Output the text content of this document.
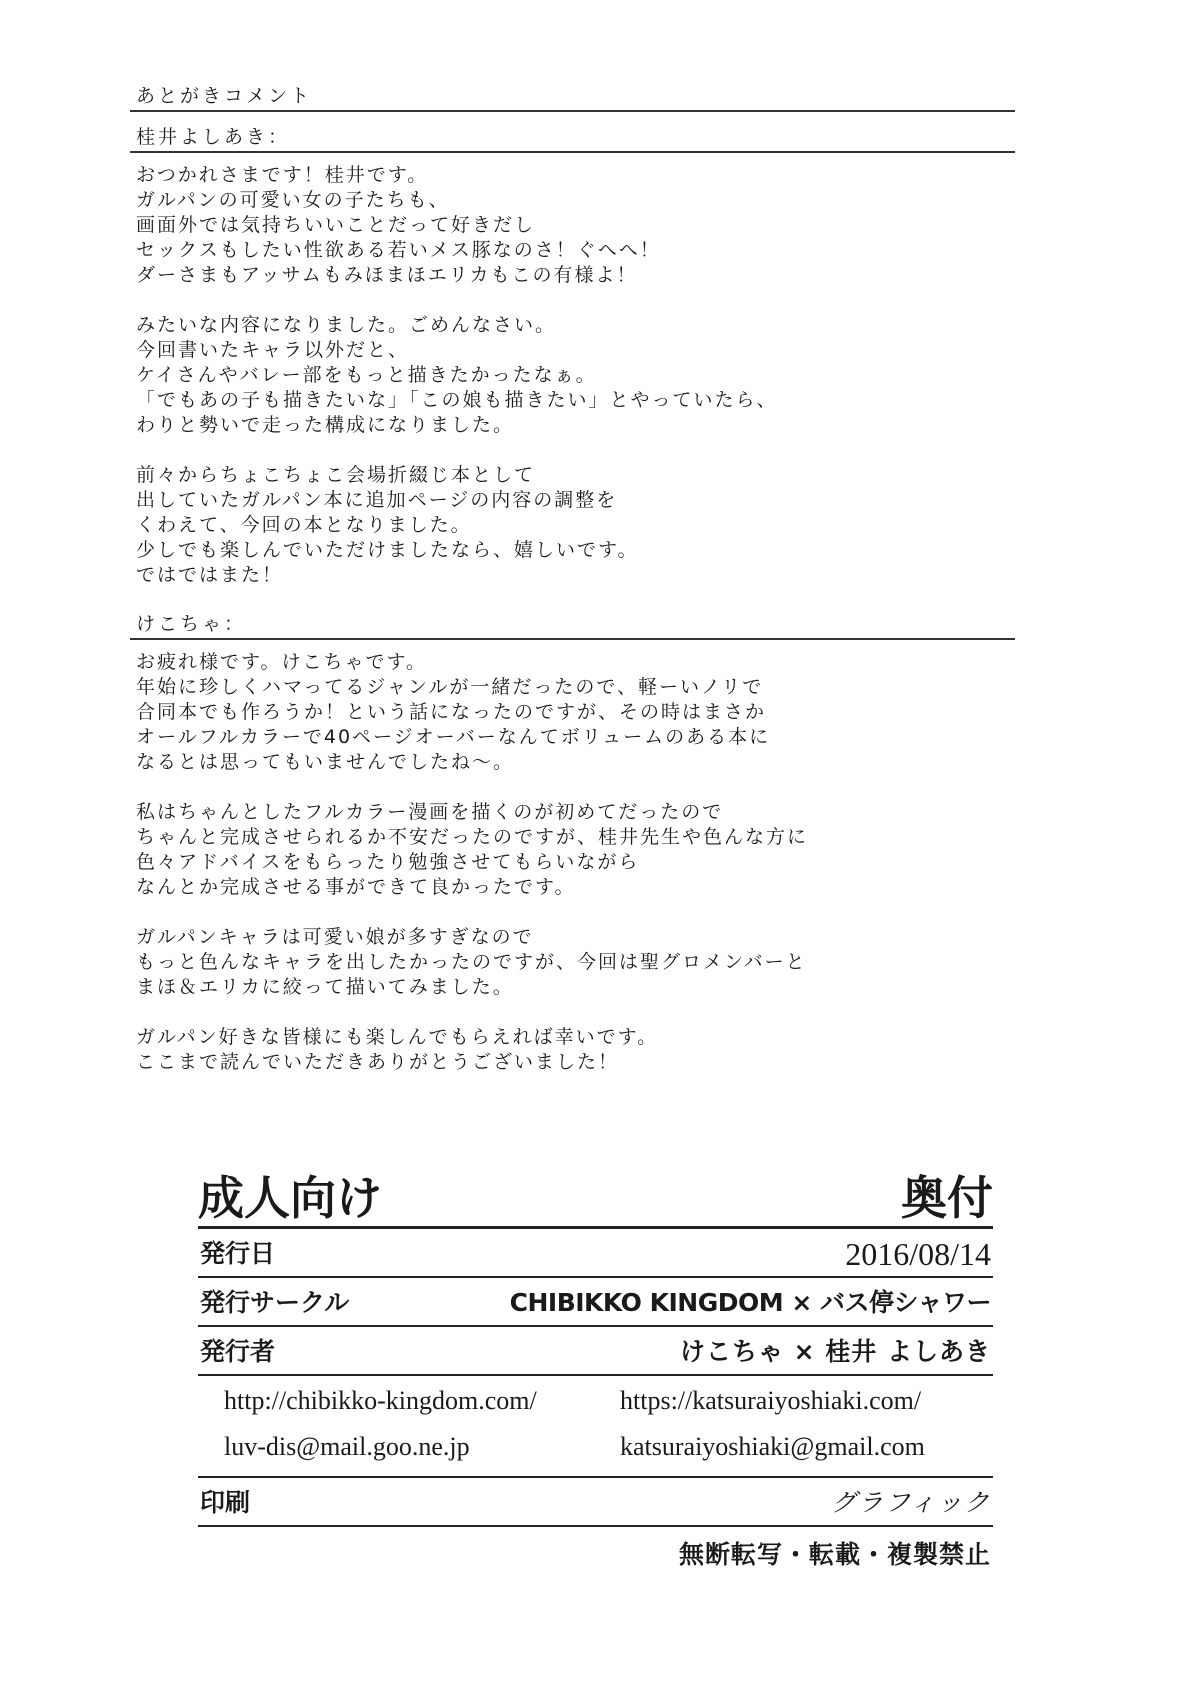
あとがきコメント
桂井よしあき：
おつかれさまです！桂井です。
ガルパンの可愛い女の子たちも、
画面外では気持ちいいことだって好きだし
セックスもしたい性欲ある若いメス豚なのさ！ぐへへ！
ダーさまもアッサムもみほまほエリカもこの有様よ！
みたいな内容になりました。ごめんなさい。
今回書いたキャラ以外だと、
ケイさんやバレー部をもっと描きたかったなぁ。
「でもあの子も描きたいな」「この娘も描きたい」とやっていたら、
わりと勢いで走った構成になりました。
前々からちょこちょこ会場折綴じ本として
出していたガルパン本に追加ページの内容の調整を
くわえて、今回の本となりました。
少しでも楽しんでいただけましたなら、嬉しいです。
ではではまた！
けこちゃ：
お疲れ様です。けこちゃです。
年始に珍しくハマってるジャンルが一緒だったので、軽ーいノリで
合同本でも作ろうか！という話になったのですが、その時はまさか
オールフルカラーで40ページオーバーなんてボリュームのある本に
なるとは思ってもいませんでしたね～。
私はちゃんとしたフルカラー漫画を描くのが初めてだったので
ちゃんと完成させられるか不安だったのですが、桂井先生や色んな方に
色々アドバイスをもらったり勉強させてもらいながら
なんとか完成させる事ができて良かったです。
ガルパンキャラは可愛い娘が多すぎなので
もっと色んなキャラを出したかったのですが、今回は聖グロメンバーと
まほ＆エリカに絞って描いてみました。
ガルパン好きな皆様にも楽しんでもらえれば幸いです。
ここまで読んでいただきありがとうございました！
成人向け	奥付
発行日	2016/08/14
発行サークル	CHIBIKKO KINGDOM × バス停シャワー
発行者	けこちゃ × 桂井 よしあき
http://chibikko-kingdom.com/	https://katsuraiyoshiaki.com/
luv-dis@mail.goo.ne.jp	katsuraiyoshiaki@gmail.com
印刷	グラフィック
無断転写・転載・複製禁止
